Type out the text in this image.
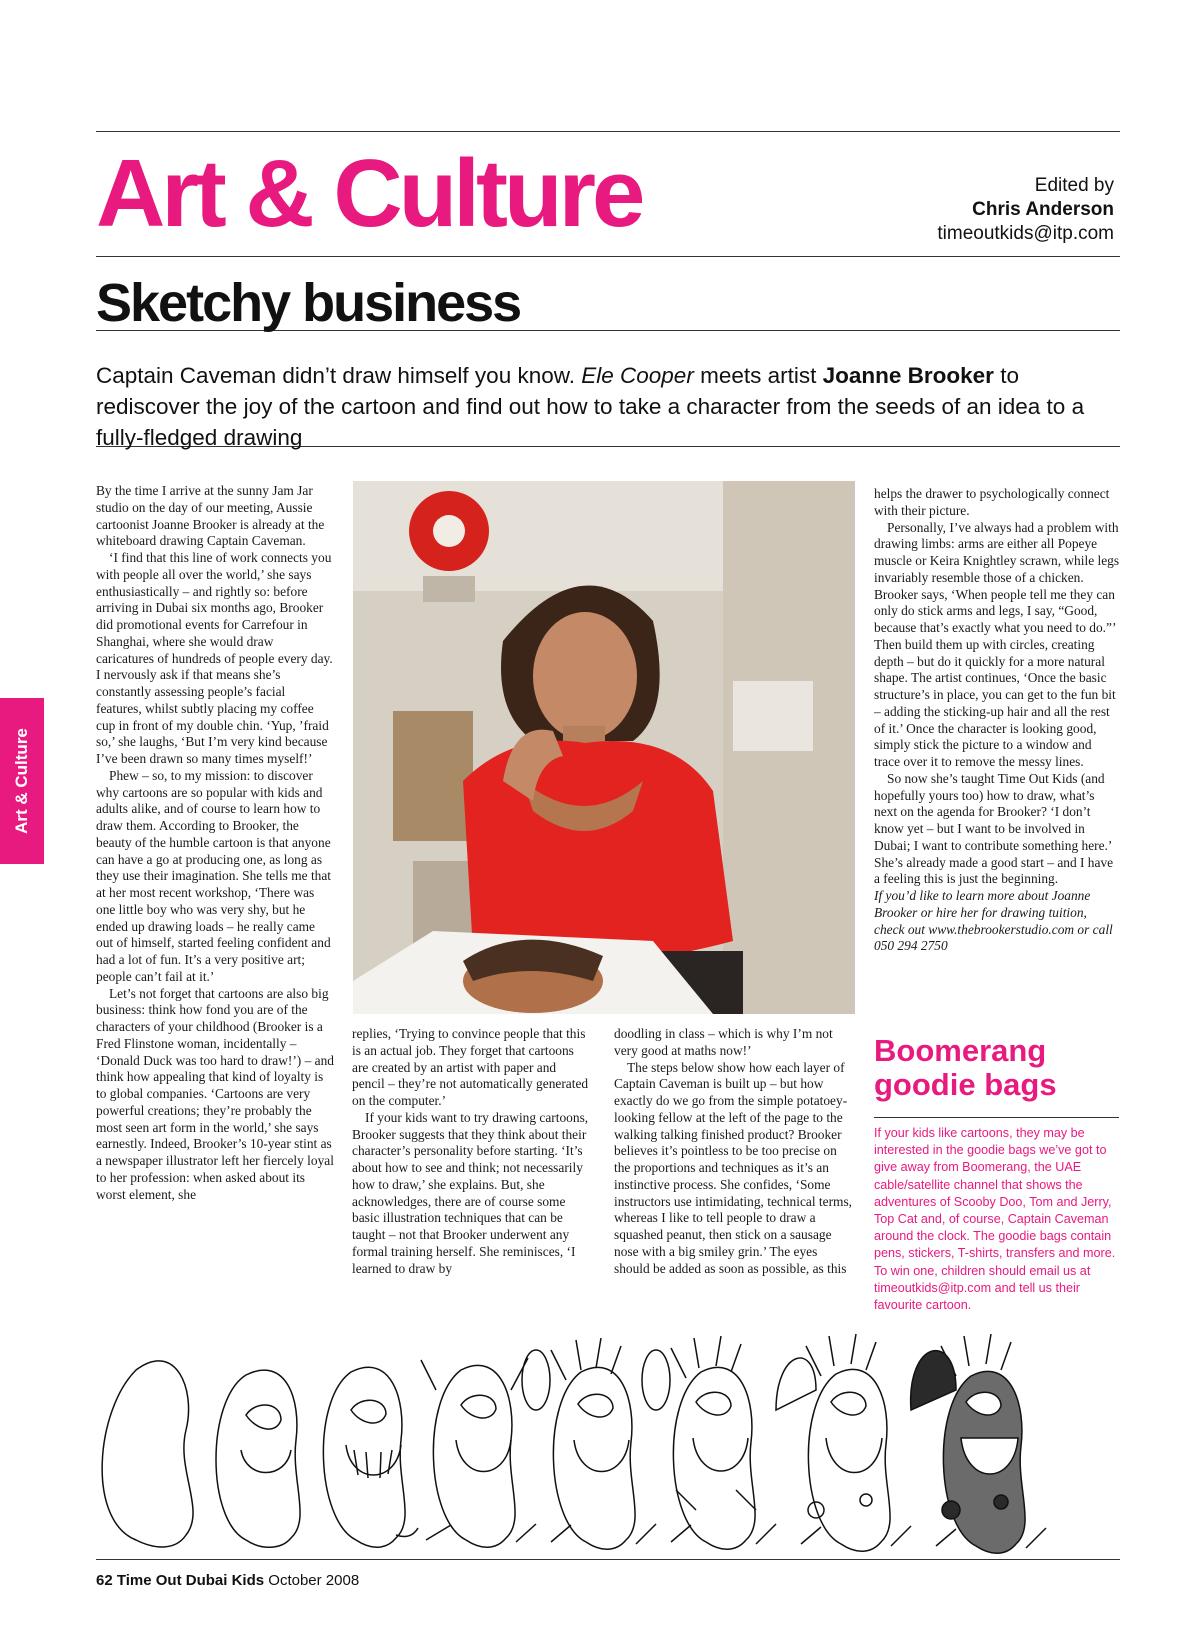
Art & Culture	Edited by
Chris Anderson
timeoutkids@itp.com
Art & Culture
Sketchy business

Captain Caveman didn’t draw himself you know. Ele Cooper meets artist Joanne Brooker to rediscover the joy of the cartoon and find out how to take a character from the seeds of an idea to a fully-fledged drawing

By the time I arrive at the sunny Jam Jar studio on the day of our meeting, Aussie cartoonist Joanne Brooker is already at the whiteboard drawing Captain Caveman.

‘I find that this line of work connects you with people all over the world,’ she says enthusiastically – and rightly so: before arriving in Dubai six months ago, Brooker did promotional events for Carrefour in Shanghai, where she would draw caricatures of hundreds of people every day. I nervously ask if that means she’s constantly assessing people’s facial features, whilst subtly placing my coffee cup in front of my double chin. ‘Yup, ’fraid so,’ she laughs, ‘But I’m very kind because I’ve been drawn so many times myself!’

Phew – so, to my mission: to discover why cartoons are so popular with kids and adults alike, and of course to learn how to draw them. According to Brooker, the beauty of the humble cartoon is that anyone can have a go at producing one, as long as they use their imagination. She tells me that at her most recent workshop, ‘There was one little boy who was very shy, but he ended up drawing loads – he really came out of himself, started feeling confident and had a lot of fun. It’s a very positive art; people can’t fail at it.’

Let’s not forget that cartoons are also big business: think how fond you are of the characters of your childhood (Brooker is a Fred Flinstone woman, incidentally – ‘Donald Duck was too hard to draw!’) – and think how appealing that kind of loyalty is to global companies. ‘Cartoons are very powerful creations; they’re probably the most seen art form in the world,’ she says earnestly. Indeed, Brooker’s 10-year stint as a newspaper illustrator left her fiercely loyal to her profession: when asked about its worst element, she

replies, ‘Trying to convince people that this is an actual job. They forget that cartoons are created by an artist with paper and pencil – they’re not automatically generated on the computer.’

If your kids want to try drawing cartoons, Brooker suggests that they think about their character’s personality before starting. ‘It’s about how to see and think; not necessarily how to draw,’ she explains. But, she acknowledges, there are of course some basic illustration techniques that can be taught – not that Brooker underwent any formal training herself. She reminisces, ‘I learned to draw by

doodling in class – which is why I’m not very good at maths now!’

The steps below show how each layer of Captain Caveman is built up – but how exactly do we go from the simple potatoey-looking fellow at the left of the page to the walking talking finished product? Brooker believes it’s pointless to be too precise on the proportions and techniques as it’s an instinctive process. She confides, ‘Some instructors use intimidating, technical terms, whereas I like to tell people to draw a squashed peanut, then stick on a sausage nose with a big smiley grin.’ The eyes should be added as soon as possible, as this

helps the drawer to psychologically connect with their picture.

Personally, I’ve always had a problem with drawing limbs: arms are either all Popeye muscle or Keira Knightley scrawn, while legs invariably resemble those of a chicken. Brooker says, ‘When people tell me they can only do stick arms and legs, I say, “Good, because that’s exactly what you need to do.”’ Then build them up with circles, creating depth – but do it quickly for a more natural shape. The artist continues, ‘Once the basic structure’s in place, you can get to the fun bit – adding the sticking-up hair and all the rest of it.’ Once the character is looking good, simply stick the picture to a window and trace over it to remove the messy lines.

So now she’s taught Time Out Kids (and hopefully yours too) how to draw, what’s next on the agenda for Brooker? ‘I don’t know yet – but I want to be involved in Dubai; I want to contribute something here.’ She’s already made a good start – and I have a feeling this is just the beginning.

If you’d like to learn more about Joanne Brooker or hire her for drawing tuition, check out www.thebrookerstudio.com or call 050 294 2750

Boomerang goodie bags

If your kids like cartoons, they may be interested in the goodie bags we’ve got to give away from Boomerang, the UAE cable/satellite channel that shows the adventures of Scooby Doo, Tom and Jerry, Top Cat and, of course, Captain Caveman around the clock. The goodie bags contain pens, stickers, T-shirts, transfers and more. To win one, children should email us at timeoutkids@itp.com and tell us their favourite cartoon.

62 Time Out Dubai Kids October 2008
